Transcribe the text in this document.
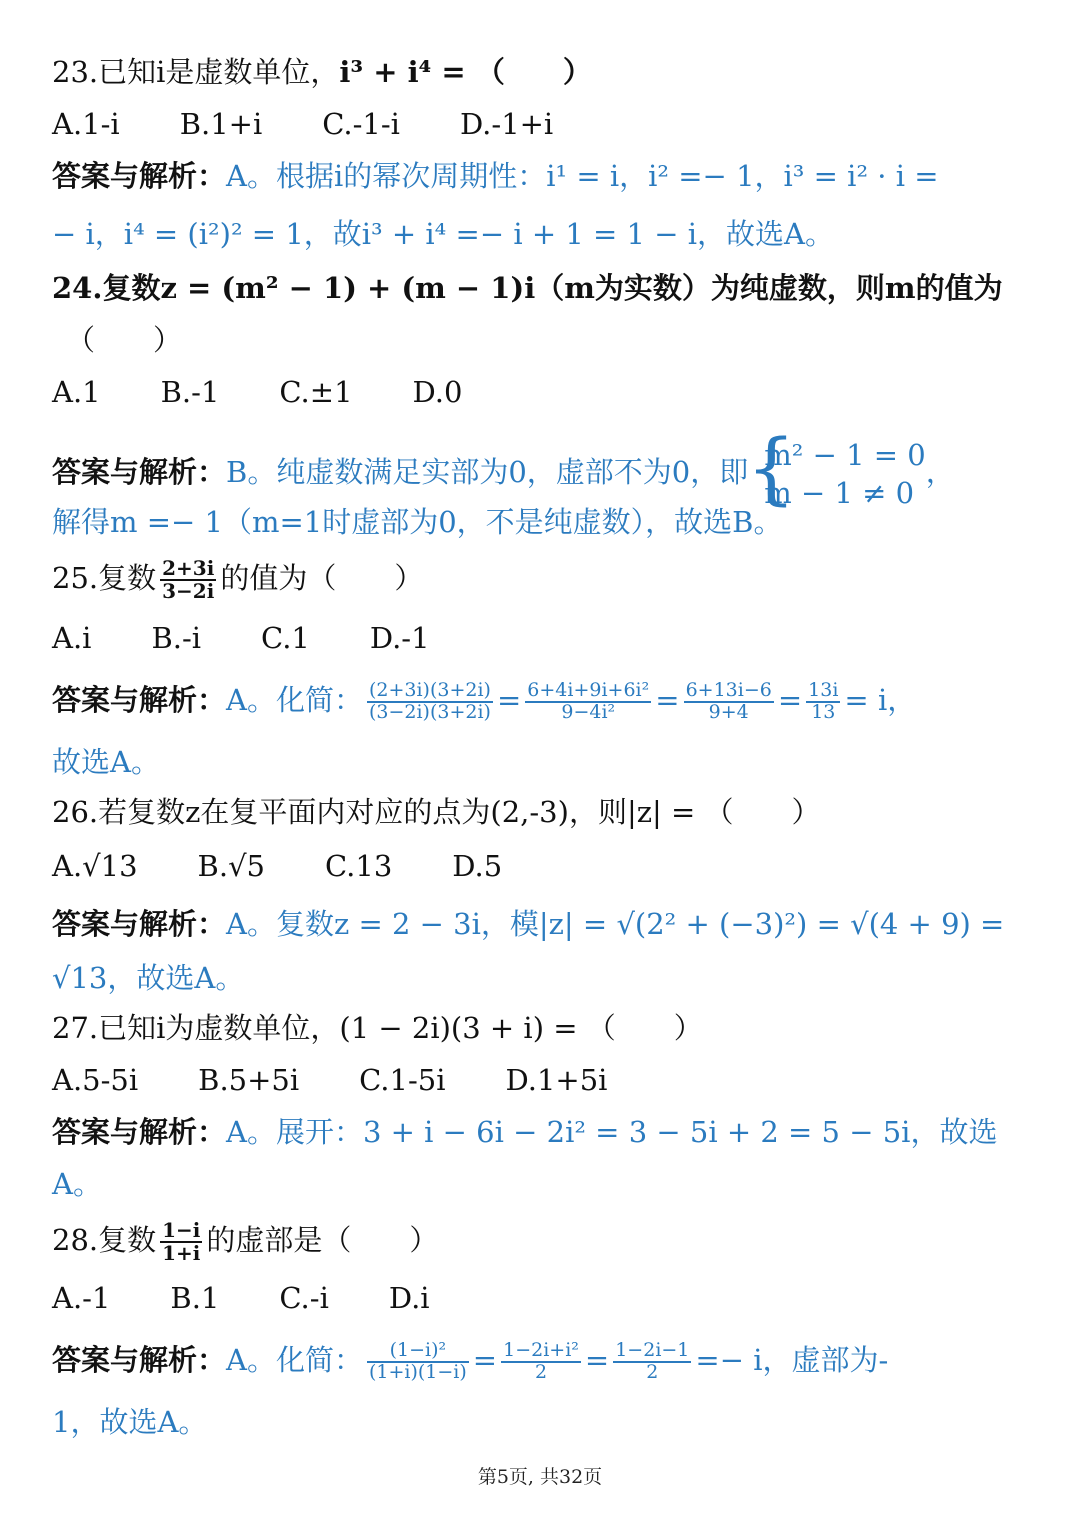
23.已知i是虚数单位，i³ + i⁴ = （　　）
A.1-i B.1+i C.-1-i D.-1+i
答案与解析：A。根据i的幂次周期性：i¹ = i，i² =− 1，i³ = i² · i =
− i，i⁴ = (i²)² = 1，故i³ + i⁴ =− i + 1 = 1 − i，故选A。
24.复数z = (m² − 1) + (m − 1)i（m为实数）为纯虚数，则m的值为
（　　）
A.1 B.-1 C.±1 D.0
答案与解析：B。纯虚数满足实部为0，虚部不为0，即
{
m² − 1 = 0
m − 1 ≠ 0
，
解得m =− 1（m=1时虚部为0，不是纯虚数），故选B。
25.复数 $\frac{2+3i}{3-2i}$ 的值为（　　）
A.i B.-i C.1 D.-1
答案与解析：A。化简： $\frac{(2+3i)(3+2i)}{(3-2i)(3+2i)} = \frac{\text{6+4i+9i+6i²}}{\text{9−4i²}} = \frac{6+13i-6}{9+4} = \frac{13i}{13} = i$，
故选A。
26.若复数z在复平面内对应的点为(2,-3)，则|z| = （　　）
A.√13 B.√5 C.13 D.5
答案与解析：A。复数z = 2 − 3i，模|z| = √(2² + (−3)²) = √(4 + 9) =
√13，故选A。
27.已知i为虚数单位，(1 − 2i)(3 + i) = （　　）
A.5-5i B.5+5i C.1-5i D.1+5i
答案与解析：A。展开：3 + i − 6i − 2i² = 3 − 5i + 2 = 5 − 5i，故选
A。
28.复数 $\frac{1-i}{1+i}$ 的虚部是（　　）
A.-1 B.1 C.-i D.i
答案与解析：A。化简： $\frac{\text{(1−i)²}}{(1+i)(1-i)} = \frac{\text{1−2i+i²}}{2} = \frac{1-2i-1}{2} =- i$，虚部为-
1，故选A。
第5页, 共32页
